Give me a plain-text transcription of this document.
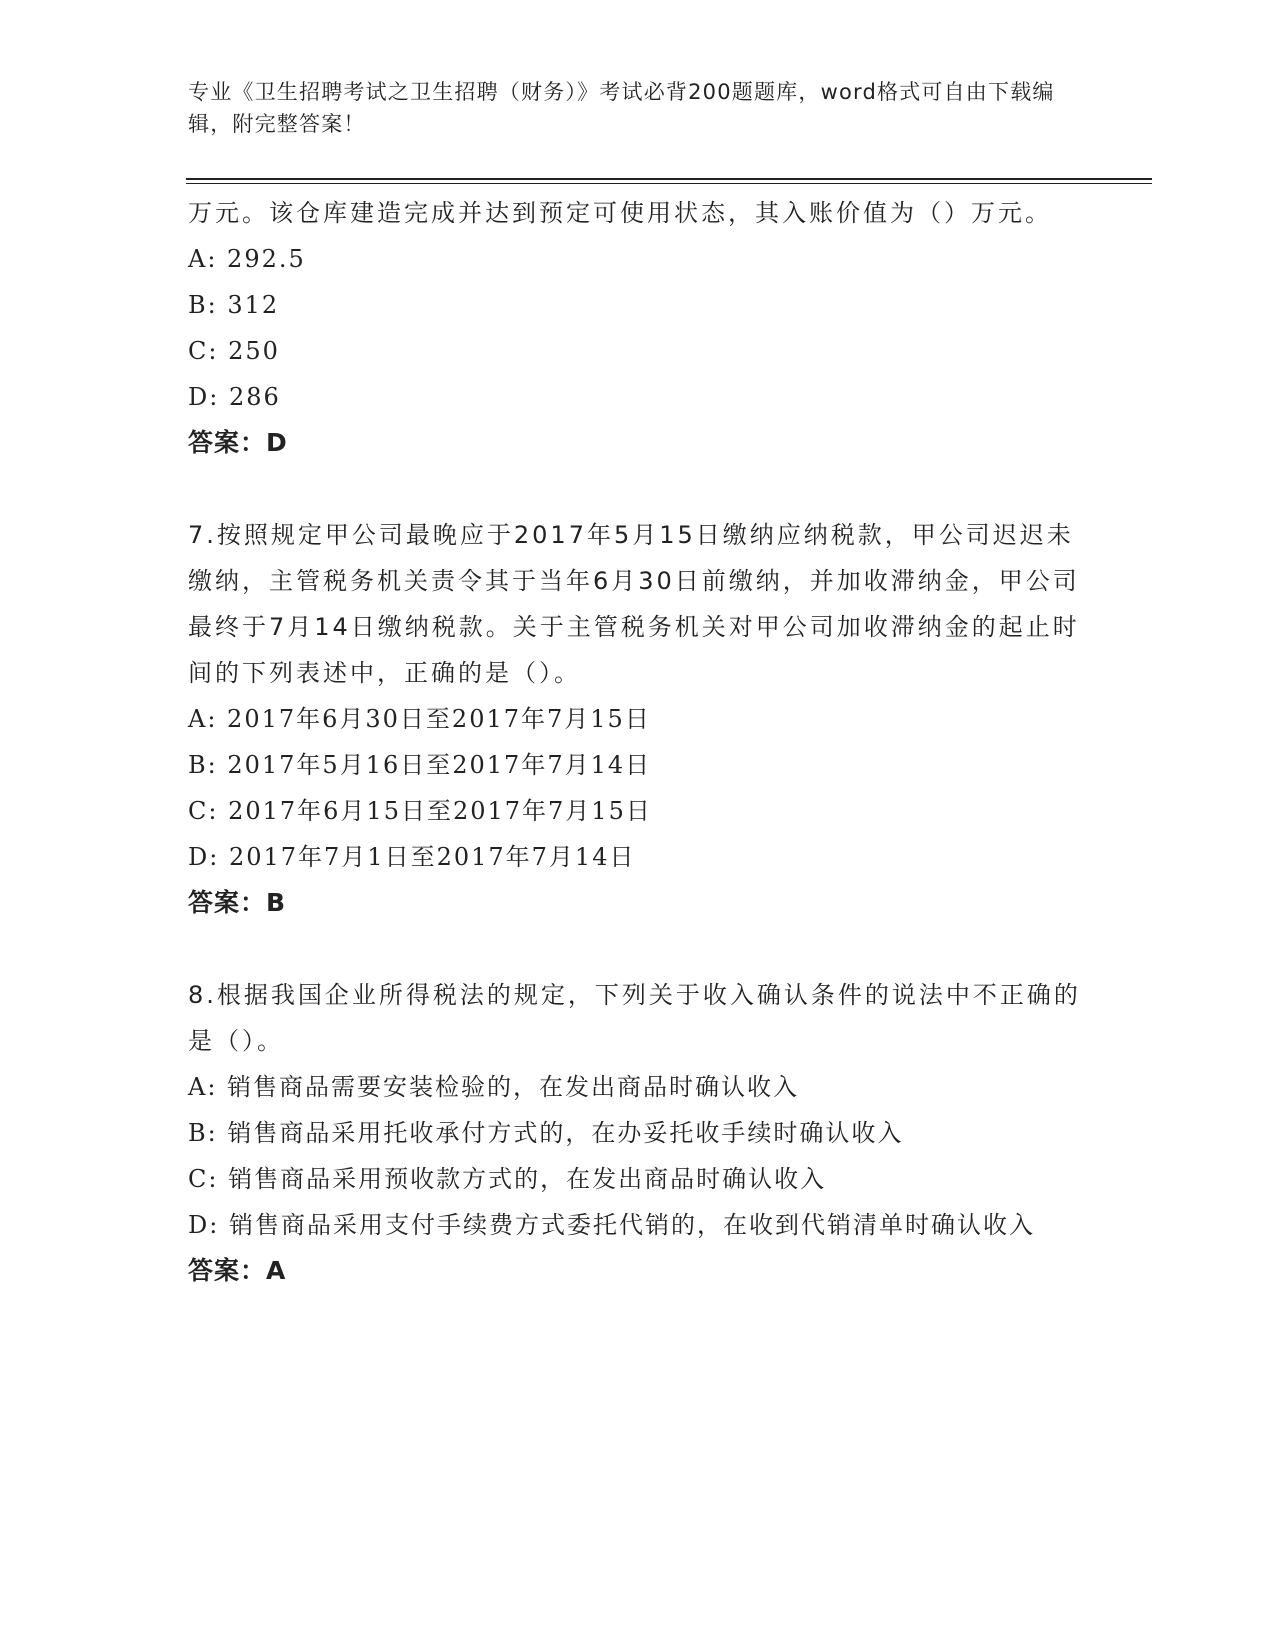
专业《卫生招聘考试之卫生招聘（财务）》考试必背200题题库，word格式可自由下载编辑，附完整答案！

万元。该仓库建造完成并达到预定可使用状态，其入账价值为（）万元。

A: 292.5

B: 312

C: 250

D: 286

答案：D

7.按照规定甲公司最晚应于2017年5月15日缴纳应纳税款，甲公司迟迟未缴纳，主管税务机关责令其于当年6月30日前缴纳，并加收滞纳金，甲公司最终于7月14日缴纳税款。关于主管税务机关对甲公司加收滞纳金的起止时间的下列表述中，正确的是（）。

A: 2017年6月30日至2017年7月15日

B: 2017年5月16日至2017年7月14日

C: 2017年6月15日至2017年7月15日

D: 2017年7月1日至2017年7月14日

答案：B

8.根据我国企业所得税法的规定，下列关于收入确认条件的说法中不正确的是（）。

A: 销售商品需要安装检验的，在发出商品时确认收入

B: 销售商品采用托收承付方式的，在办妥托收手续时确认收入

C: 销售商品采用预收款方式的，在发出商品时确认收入

D: 销售商品采用支付手续费方式委托代销的，在收到代销清单时确认收入

答案：A
